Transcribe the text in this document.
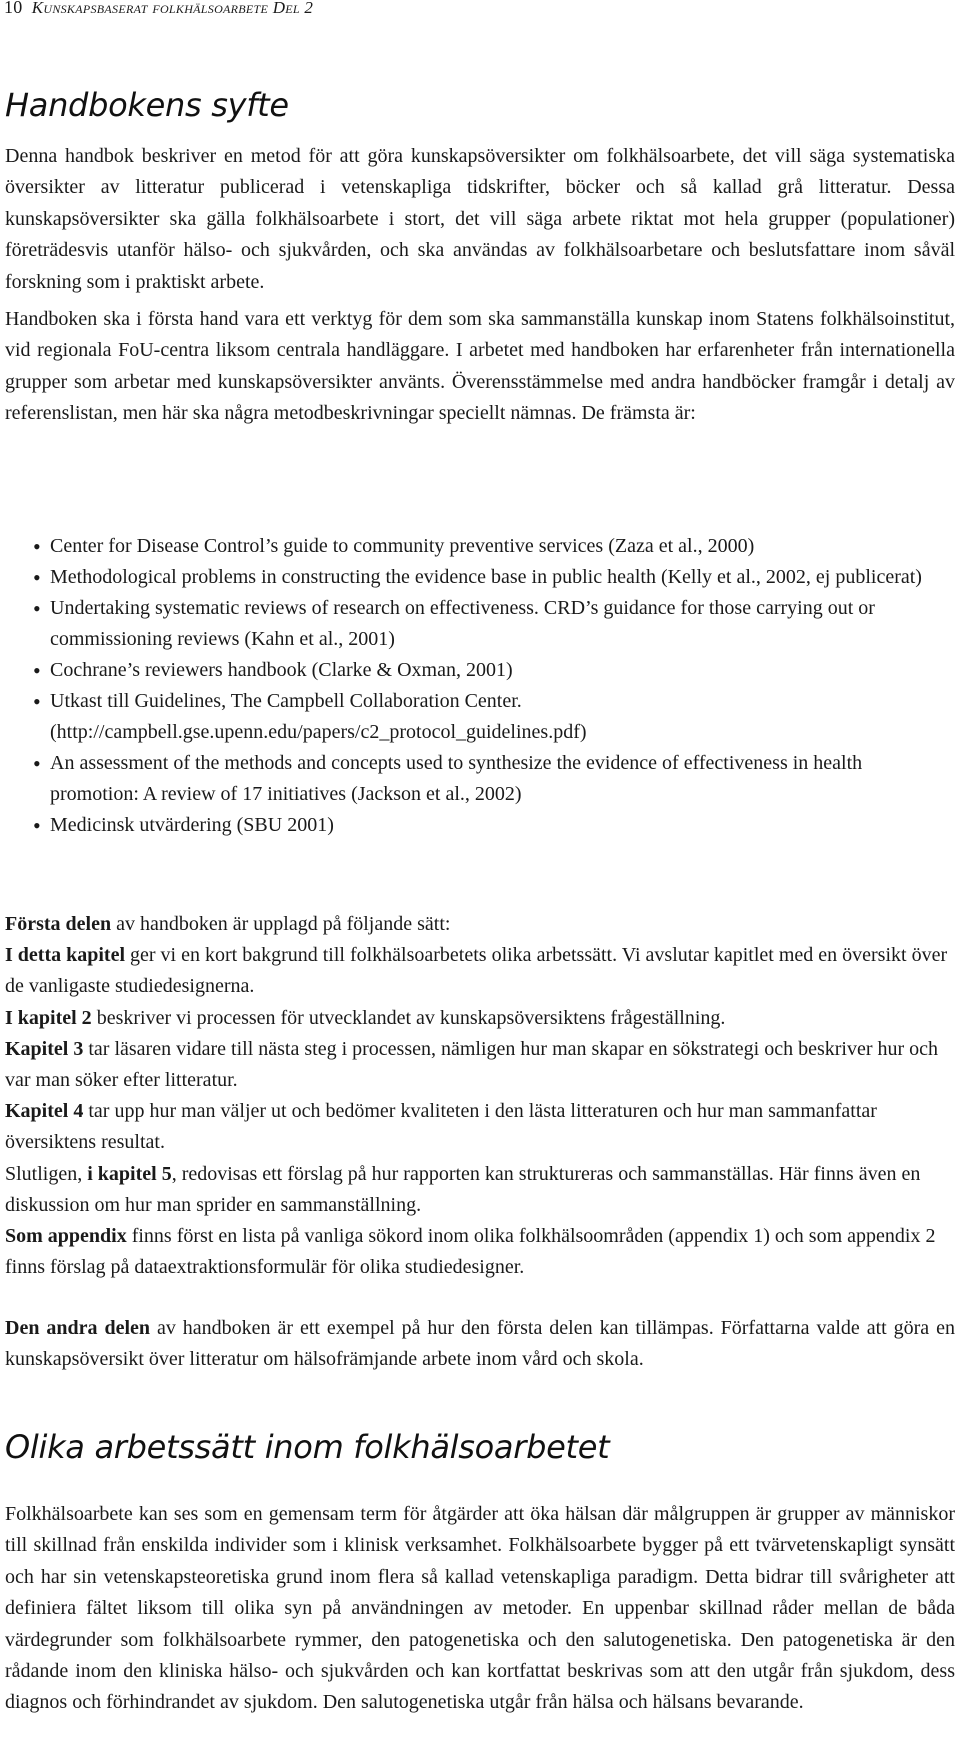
10 Kunskapsbaserat folkhälsoarbete Del 2
Handbokens syfte

Denna handbok beskriver en metod för att göra kunskapsöversikter om folkhälsoarbete, det vill säga systematiska översikter av litteratur publicerad i vetenskapliga tidskrifter, böcker och så kallad grå litteratur. Dessa kunskapsöversikter ska gälla folkhälsoarbete i stort, det vill säga arbete riktat mot hela grupper (populationer) företrädesvis utanför hälso- och sjukvården, och ska användas av folkhälsoarbetare och beslutsfattare inom såväl forskning som i praktiskt arbete.

Handboken ska i första hand vara ett verktyg för dem som ska sammanställa kunskap inom Statens folkhälsoinstitut, vid regionala FoU-centra liksom centrala handläggare. I arbetet med handboken har erfarenheter från internationella grupper som arbetar med kunskapsöversikter använts. Överensstämmelse med andra handböcker framgår i detalj av referenslistan, men här ska några metodbeskrivningar speciellt nämnas. De främsta är:

• Center for Disease Control’s guide to community preventive services (Zaza et al., 2000)
• Methodological problems in constructing the evidence base in public health (Kelly et al., 2002, ej publicerat)
• Undertaking systematic reviews of research on effectiveness. CRD’s guidance for those carrying out or commissioning reviews (Kahn et al., 2001)
• Cochrane’s reviewers handbook (Clarke & Oxman, 2001)
• Utkast till Guidelines, The Campbell Collaboration Center. (http://campbell.gse.upenn.edu/papers/c2_protocol_guidelines.pdf)
• An assessment of the methods and concepts used to synthesize the evidence of effectiveness in health promotion: A review of 17 initiatives (Jackson et al., 2002)
• Medicinsk utvärdering (SBU 2001)

Första delen av handboken är upplagd på följande sätt:

I detta kapitel ger vi en kort bakgrund till folkhälsoarbetets olika arbetssätt. Vi avslutar kapitlet med en översikt över de vanligaste studiedesignerna.

I kapitel 2 beskriver vi processen för utvecklandet av kunskapsöversiktens frågeställning.

Kapitel 3 tar läsaren vidare till nästa steg i processen, nämligen hur man skapar en sökstrategi och beskriver hur och var man söker efter litteratur.

Kapitel 4 tar upp hur man väljer ut och bedömer kvaliteten i den lästa litteraturen och hur man sammanfattar översiktens resultat.

Slutligen, i kapitel 5, redovisas ett förslag på hur rapporten kan struktureras och sammanställas. Här finns även en diskussion om hur man sprider en sammanställning.

Som appendix finns först en lista på vanliga sökord inom olika folkhälsoområden (appendix 1) och som appendix 2 finns förslag på dataextraktionsformulär för olika studiedesigner.

Den andra delen av handboken är ett exempel på hur den första delen kan tillämpas. Författarna valde att göra en kunskapsöversikt över litteratur om hälsofrämjande arbete inom vård och skola.

Olika arbetssätt inom folkhälsoarbetet

Folkhälsoarbete kan ses som en gemensam term för åtgärder att öka hälsan där målgruppen är grupper av människor till skillnad från enskilda individer som i klinisk verksamhet. Folkhälsoarbete bygger på ett tvärvetenskapligt synsätt och har sin vetenskapsteoretiska grund inom flera så kallad vetenskapliga paradigm. Detta bidrar till svårigheter att definiera fältet liksom till olika syn på användningen av metoder. En uppenbar skillnad råder mellan de båda värdegrunder som folkhälsoarbete rymmer, den patogenetiska och den salutogenetiska. Den patogenetiska är den rådande inom den kliniska hälso- och sjukvården och kan kortfattat beskrivas som att den utgår från sjukdom, dess diagnos och förhindrandet av sjukdom. Den salutogenetiska utgår från hälsa och hälsans bevarande.
